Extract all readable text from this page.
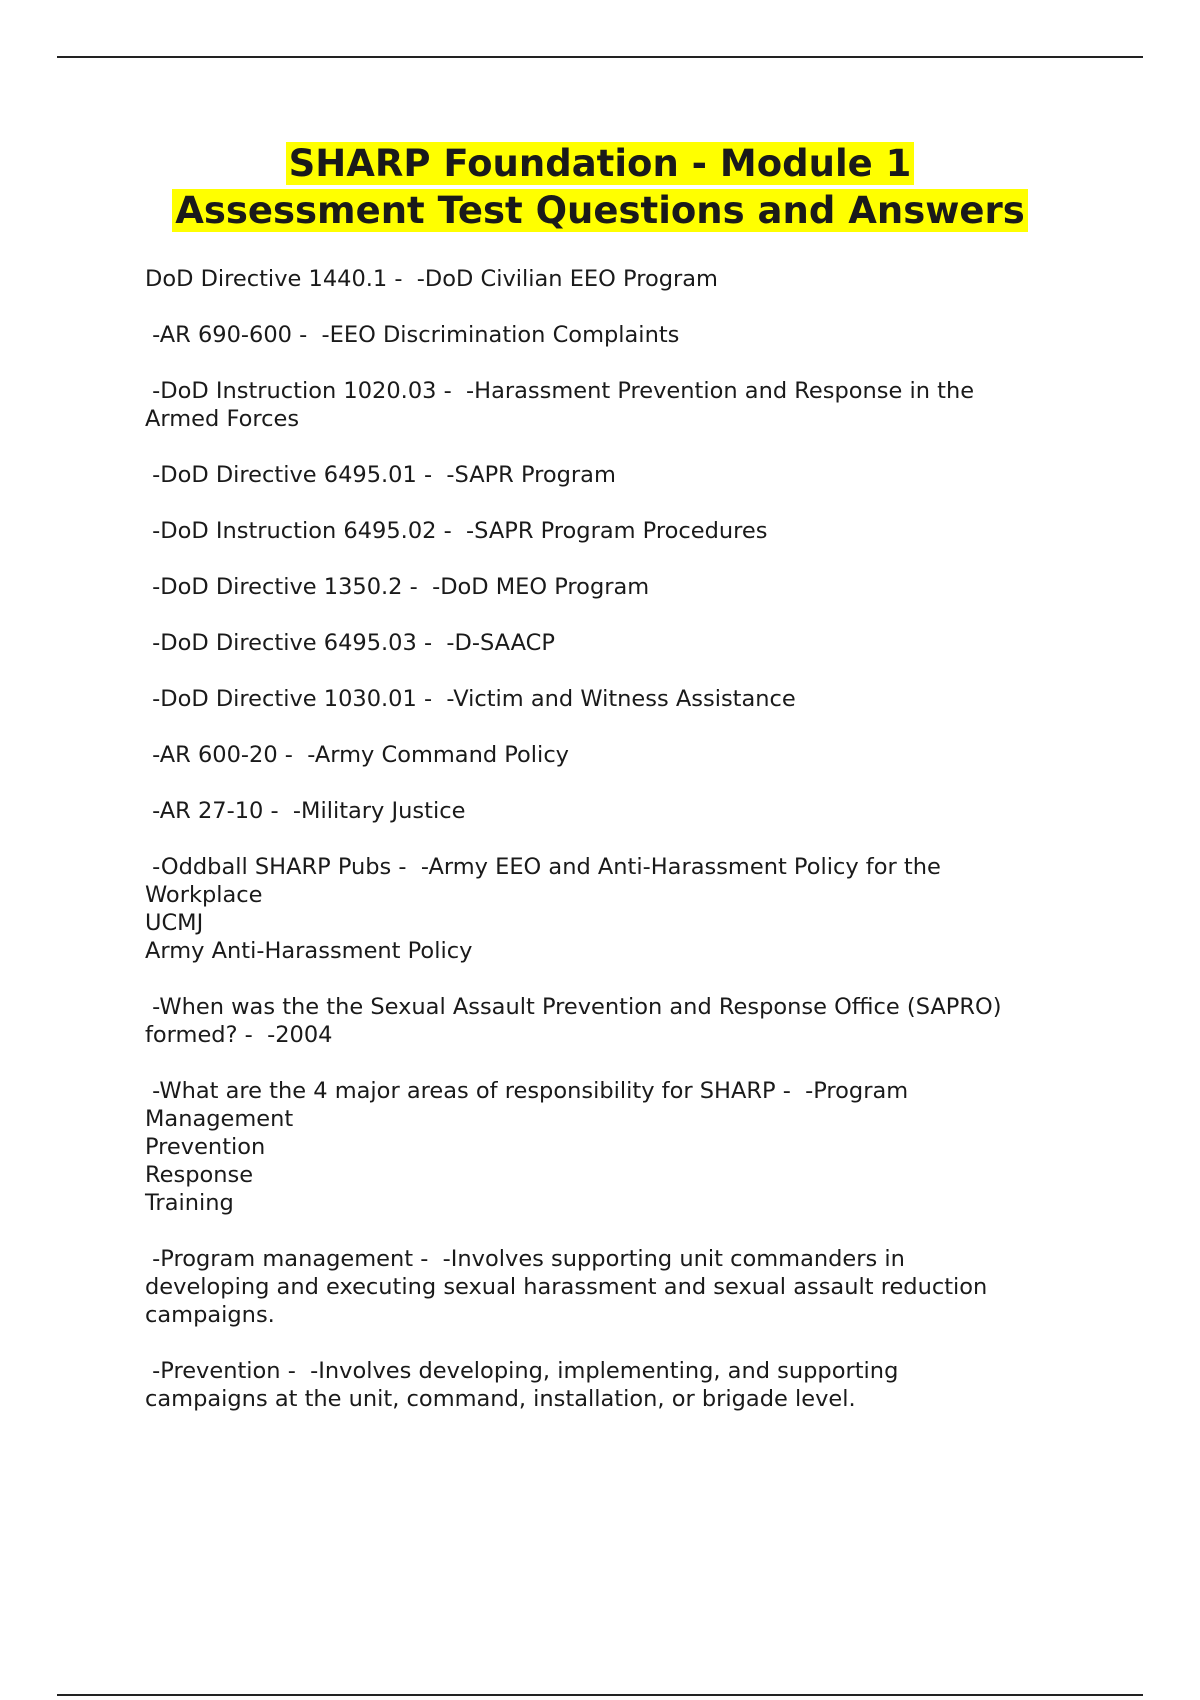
SHARP Foundation - Module 1
Assessment Test Questions and Answers

DoD Directive 1440.1 -  -DoD Civilian EEO Program

-AR 690-600 -  -EEO Discrimination Complaints

-DoD Instruction 1020.03 -  -Harassment Prevention and Response in the
Armed Forces

-DoD Directive 6495.01 -  -SAPR Program

-DoD Instruction 6495.02 -  -SAPR Program Procedures

-DoD Directive 1350.2 -  -DoD MEO Program

-DoD Directive 6495.03 -  -D-SAACP

-DoD Directive 1030.01 -  -Victim and Witness Assistance

-AR 600-20 -  -Army Command Policy

-AR 27-10 -  -Military Justice

-Oddball SHARP Pubs -  -Army EEO and Anti-Harassment Policy for the
Workplace
UCMJ
Army Anti-Harassment Policy

-When was the the Sexual Assault Prevention and Response Office (SAPRO)
formed? -  -2004

-What are the 4 major areas of responsibility for SHARP -  -Program
Management
Prevention
Response
Training

-Program management -  -Involves supporting unit commanders in
developing and executing sexual harassment and sexual assault reduction
campaigns.

-Prevention -  -Involves developing, implementing, and supporting
campaigns at the unit, command, installation, or brigade level.
